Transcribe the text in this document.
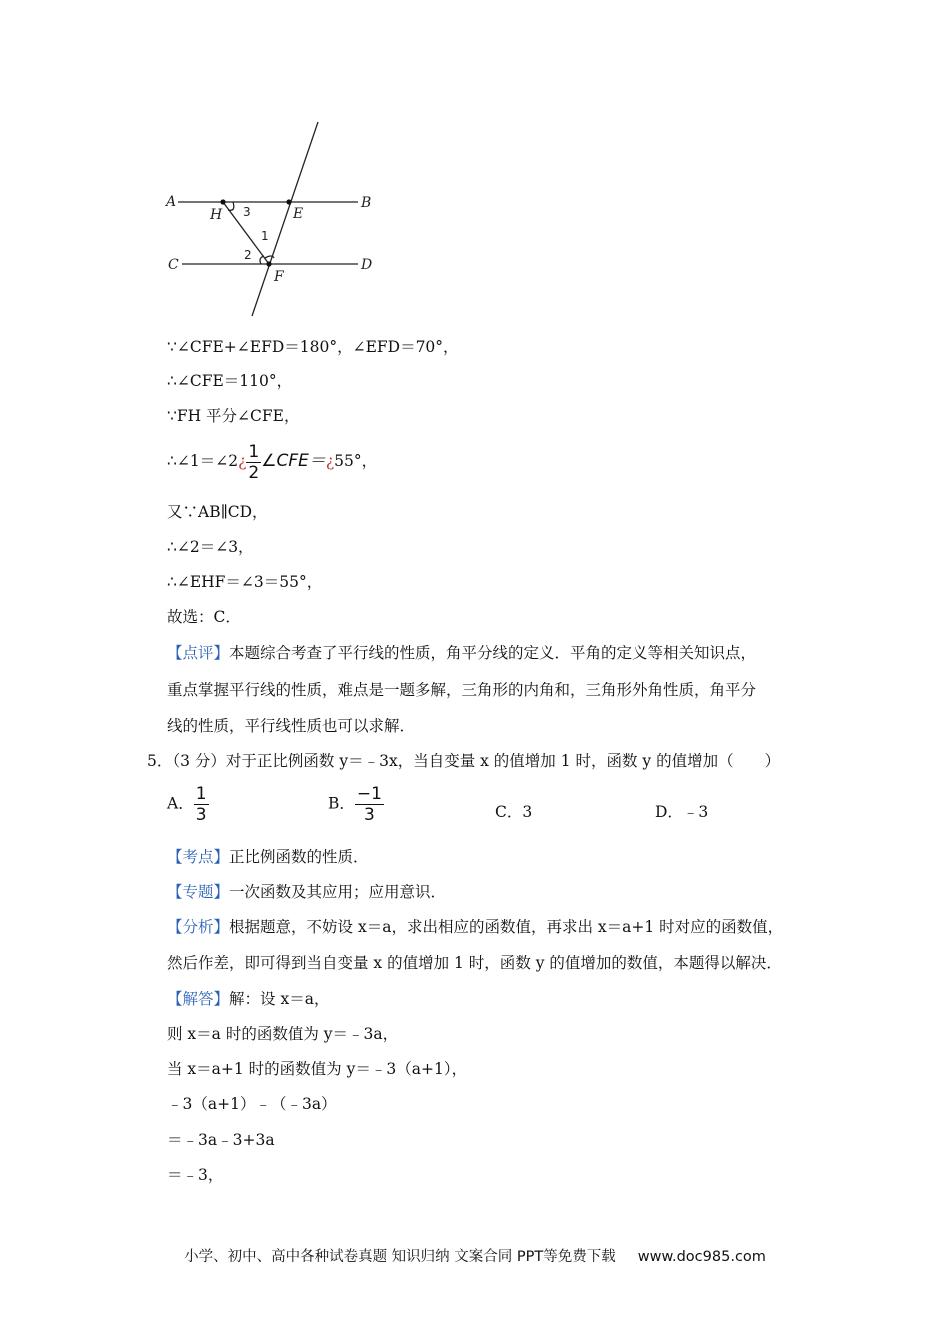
A	B
C	D
E
F
H
1
2
3
∵∠CFE+∠EFD＝180°，∠EFD＝70°，
∴∠CFE＝110°，
∵FH 平分∠CFE，
∴∠1＝∠2¿ $\frac{1}{2}$ ∠CFE＝¿55°，
又∵AB∥CD，
∴∠2＝∠3，
∴∠EHF＝∠3＝55°，
故选：C．
【点评】本题综合考查了平行线的性质，角平分线的定义．平角的定义等相关知识点，
重点掌握平行线的性质，难点是一题多解，三角形的内角和，三角形外角性质，角平分
线的性质，平行线性质也可以求解．
5．（3 分）对于正比例函数 y＝﹣3x，当自变量 x 的值增加 1 时，函数 y 的值增加（　　）
A． $\frac{1}{3}$	B． $\frac{-1}{3}$	C．3	D．﹣3
【考点】正比例函数的性质．
【专题】一次函数及其应用；应用意识．
【分析】根据题意，不妨设 x＝a，求出相应的函数值，再求出 x＝a+1 时对应的函数值，
然后作差，即可得到当自变量 x 的值增加 1 时，函数 y 的值增加的数值，本题得以解决．
【解答】解：设 x＝a，
则 x＝a 时的函数值为 y＝﹣3a，
当 x＝a+1 时的函数值为 y＝﹣3（a+1），
﹣3（a+1）﹣（﹣3a）
＝﹣3a﹣3+3a
＝﹣3，
小学、初中、高中各种试卷真题 知识归纳 文案合同 PPT等免费下载 www.doc985.com
